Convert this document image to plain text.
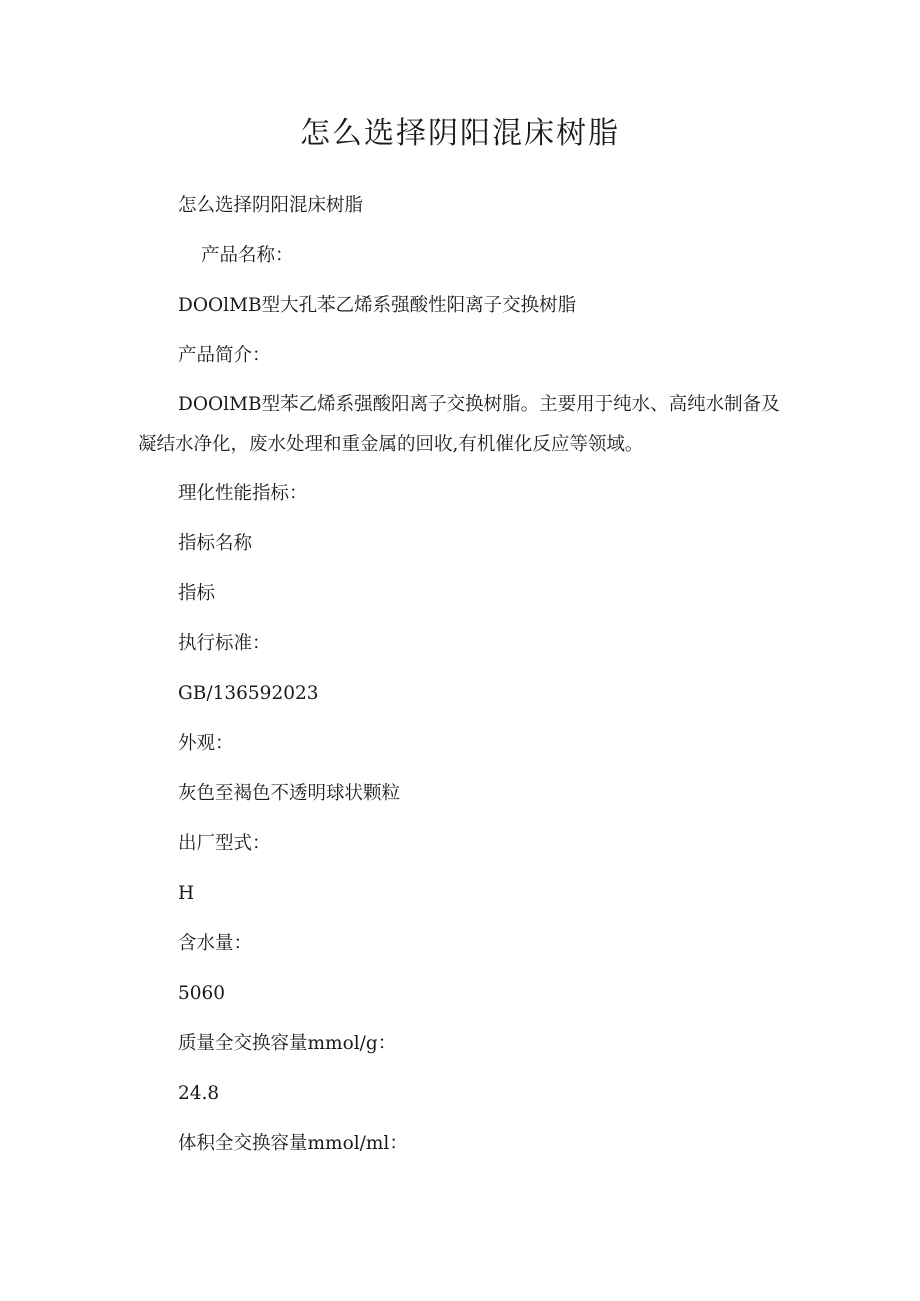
怎么选择阴阳混床树脂
怎么选择阴阳混床树脂
产品名称：
DOOlMB型大孔苯乙烯系强酸性阳离子交换树脂
产品简介：
DOOlMB型苯乙烯系强酸阳离子交换树脂。主要用于纯水、高纯水制备及凝结水净化，废水处理和重金属的回收,有机催化反应等领域。
理化性能指标：
指标名称
指标
执行标准：
GB/136592023
外观：
灰色至褐色不透明球状颗粒
出厂型式：
H
含水量：
5060
质量全交换容量mmol/g：
24.8
体积全交换容量mmol/ml：
